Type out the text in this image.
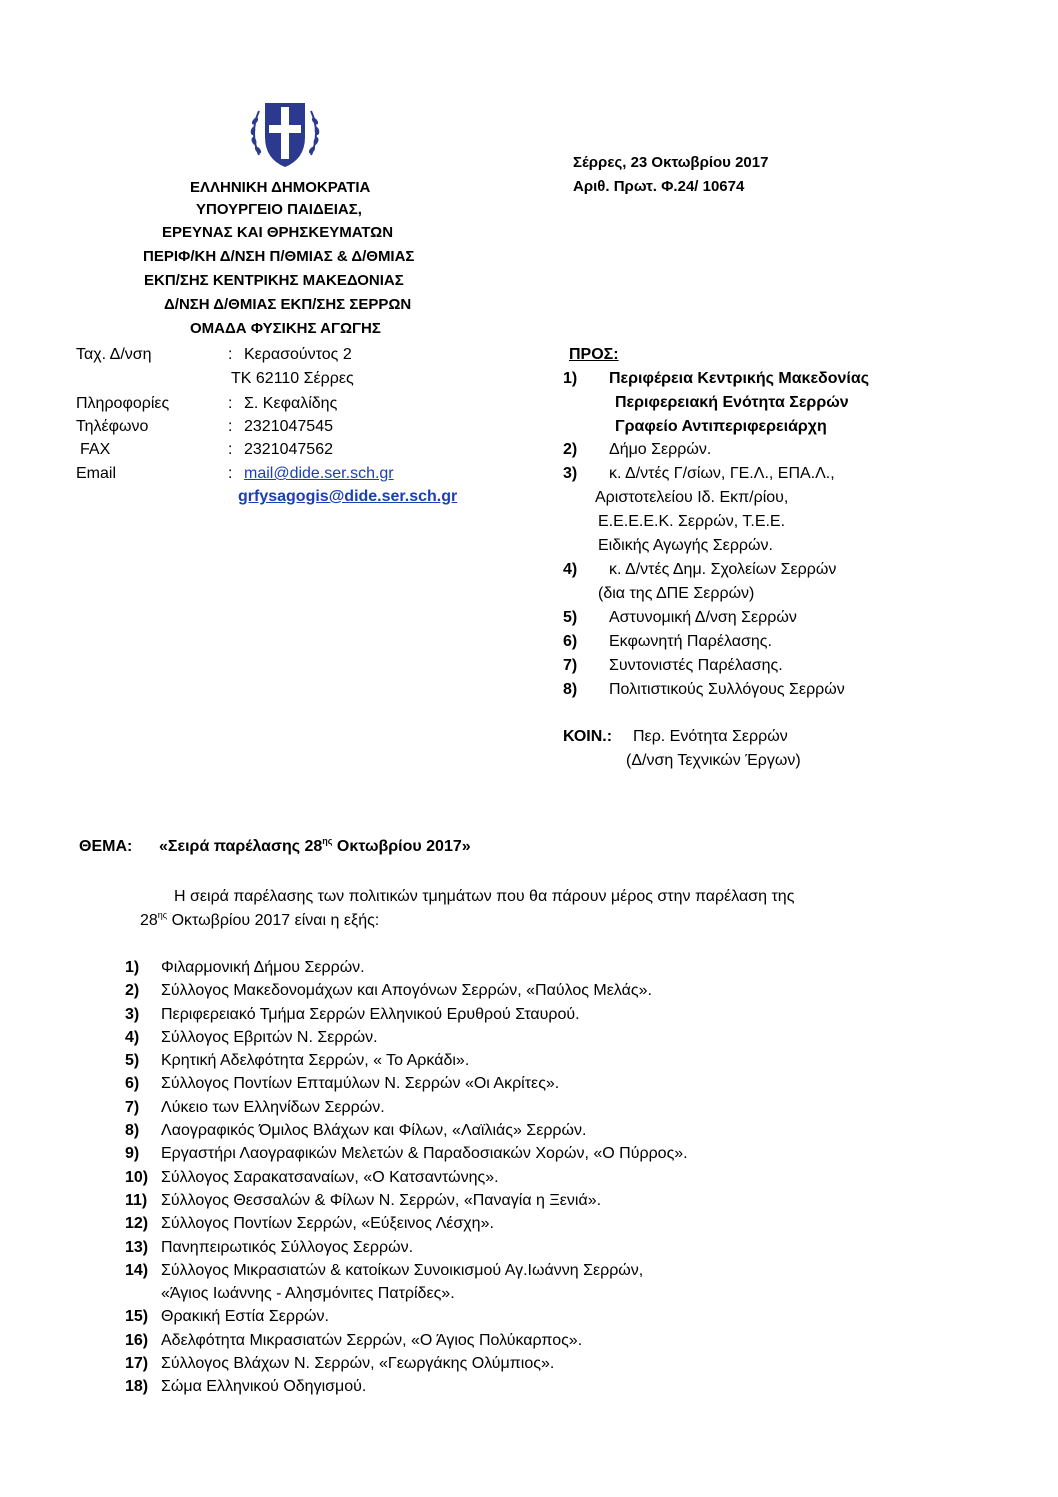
ΕΛΛΗΝΙΚΗ ΔΗΜΟΚΡΑΤΙΑ
ΥΠΟΥΡΓΕΙΟ ΠΑΙΔΕΙΑΣ,
ΕΡΕΥΝΑΣ ΚΑΙ ΘΡΗΣΚΕΥΜΑΤΩΝ
ΠΕΡΙΦ/ΚΗ Δ/ΝΣΗ Π/ΘΜΙΑΣ & Δ/ΘΜΙΑΣ
ΕΚΠ/ΣΗΣ ΚΕΝΤΡΙΚΗΣ ΜΑΚΕΔΟΝΙΑΣ
Δ/ΝΣΗ Δ/ΘΜΙΑΣ ΕΚΠ/ΣΗΣ ΣΕΡΡΩΝ
ΟΜΑΔΑ ΦΥΣΙΚΗΣ ΑΓΩΓΗΣ
Σέρρες, 23 Οκτωβρίου 2017
Αριθ. Πρωτ. Φ.24/ 10674
Ταχ. Δ/νση	: Κερασούντος 2
ΤΚ 62110 Σέρρες
Πληροφορίες	: Σ. Κεφαλίδης
Τηλέφωνο	: 2321047545
FAX	: 2321047562
Email	: mail@dide.ser.sch.gr
grfysagogis@dide.ser.sch.gr
ΠΡΟΣ:
1) Περιφέρεια Κεντρικής Μακεδονίας
Περιφερειακή Ενότητα Σερρών
Γραφείο Αντιπεριφερειάρχη
2) Δήμο Σερρών.
3) κ. Δ/ντές Γ/σίων, ΓΕ.Λ., ΕΠΑ.Λ.,
Αριστοτελείου Ιδ. Εκπ/ρίου,
Ε.Ε.Ε.Ε.Κ. Σερρών, Τ.Ε.Ε.
Ειδικής Αγωγής Σερρών.
4) κ. Δ/ντές Δημ. Σχολείων Σερρών
(δια της ΔΠΕ Σερρών)
5) Αστυνομική Δ/νση Σερρών
6) Εκφωνητή Παρέλασης.
7) Συντονιστές Παρέλασης.
8) Πολιτιστικούς Συλλόγους Σερρών
ΚΟΙΝ.: Περ. Ενότητα Σερρών
(Δ/νση Τεχνικών Έργων)
ΘΕΜΑ: «Σειρά παρέλασης $28^{\eta\varsigma}$ Οκτωβρίου 2017»
Η σειρά παρέλασης των πολιτικών τμημάτων που θα πάρουν μέρος στην παρέλαση της
$28^{\eta\varsigma}$ Οκτωβρίου 2017 είναι η εξής:
1) Φιλαρμονική Δήμου Σερρών.
2) Σύλλογος Μακεδονομάχων και Απογόνων Σερρών, «Παύλος Μελάς».
3) Περιφερειακό Τμήμα Σερρών Ελληνικού Ερυθρού Σταυρού.
4) Σύλλογος Εβριτών Ν. Σερρών.
5) Κρητική Αδελφότητα Σερρών, « Το Αρκάδι».
6) Σύλλογος Ποντίων Επταμύλων Ν. Σερρών «Οι Ακρίτες».
7) Λύκειο των Ελληνίδων Σερρών.
8) Λαογραφικός Όμιλος Βλάχων και Φίλων, «Λαϊλιάς» Σερρών.
9) Εργαστήρι Λαογραφικών Μελετών & Παραδοσιακών Χορών, «Ο Πύρρος».
10) Σύλλογος Σαρακατσαναίων, «Ο Κατσαντώνης».
11) Σύλλογος Θεσσαλών & Φίλων Ν. Σερρών, «Παναγία η Ξενιά».
12) Σύλλογος Ποντίων Σερρών, «Εύξεινος Λέσχη».
13) Πανηπειρωτικός Σύλλογος Σερρών.
14) Σύλλογος Μικρασιατών & κατοίκων Συνοικισμού Αγ.Ιωάννη Σερρών,
«Άγιος Ιωάννης - Αλησμόνιτες Πατρίδες».
15) Θρακική Εστία Σερρών.
16) Αδελφότητα Μικρασιατών Σερρών, «Ο Άγιος Πολύκαρπος».
17) Σύλλογος Βλάχων Ν. Σερρών, «Γεωργάκης Ολύμπιος».
18) Σώμα Ελληνικού Οδηγισμού.
